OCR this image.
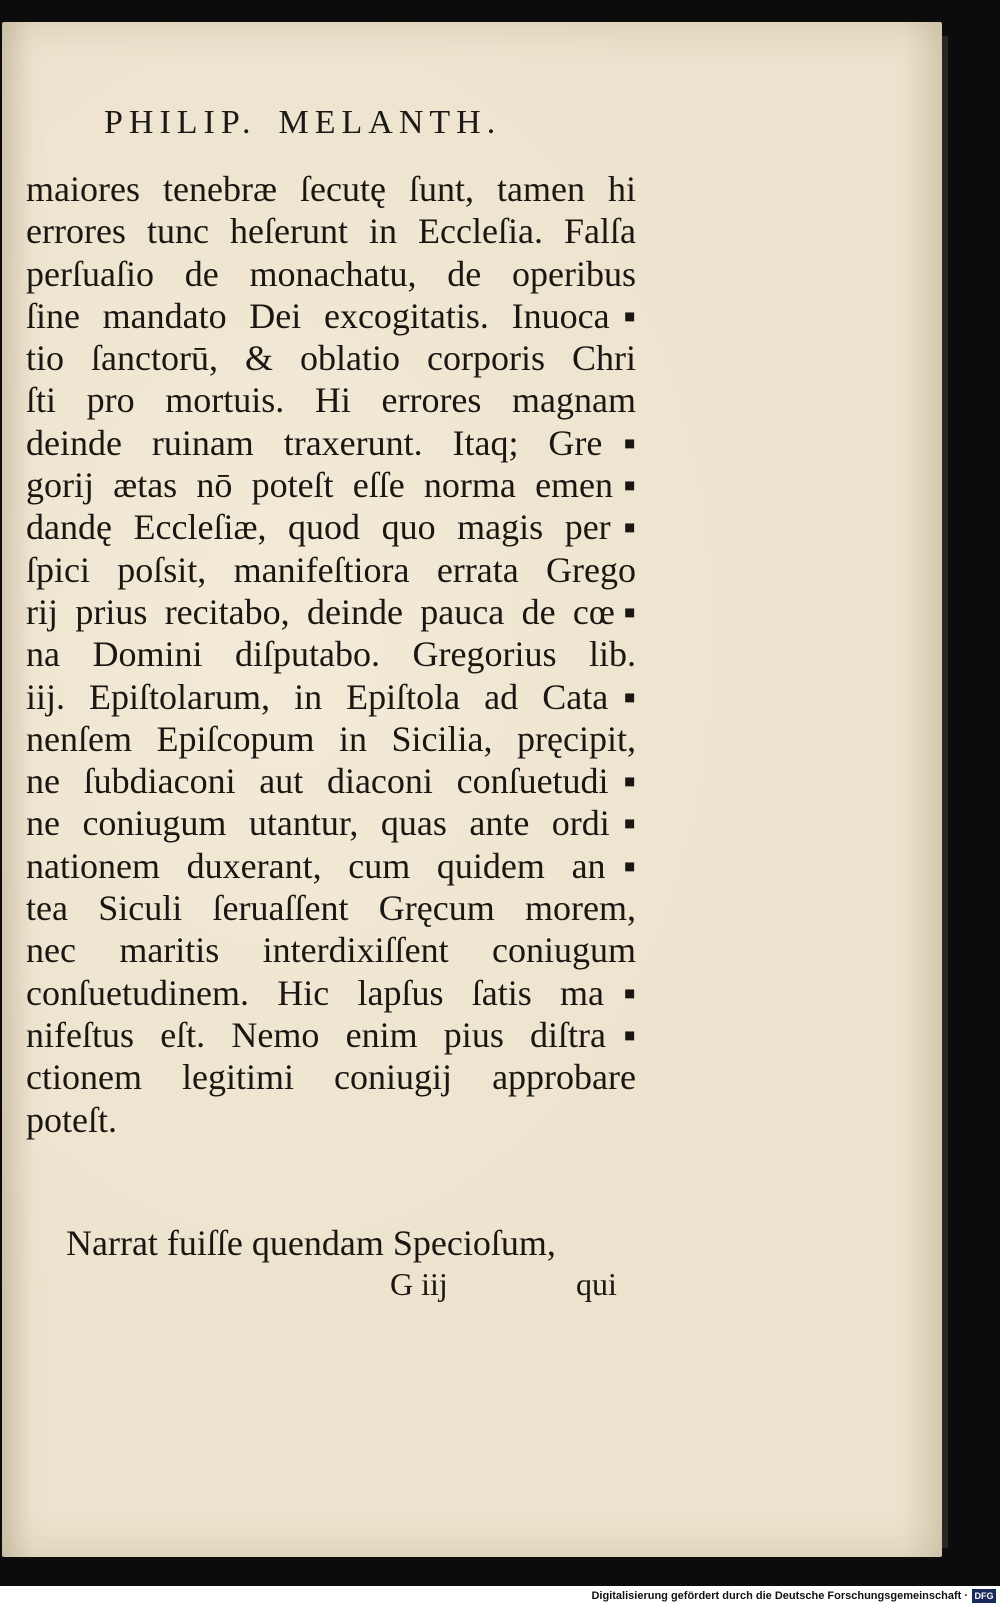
PHILIP. MELANTH.
maiores tenebræ ſecutę ſunt, tamen hi
errores tunc heſerunt in Eccleſia. Falſa
perſuaſio de monachatu, de operibus
ſine mandato Dei excogitatis. Inuoca▪
tio ſanctorū, & oblatio corporis Chri
ſti pro mortuis. Hi errores magnam
deinde ruinam traxerunt. Itaq; Gre▪
gorij ætas nō poteſt eſſe norma emen▪
dandę Eccleſiæ, quod quo magis per▪
ſpici poſsit, manifeſtiora errata Grego
rij prius recitabo, deinde pauca de cœ▪
na Domini diſputabo. Gregorius lib.
iij. Epiſtolarum, in Epiſtola ad Cata▪
nenſem Epiſcopum in Sicilia, pręcipit,
ne ſubdiaconi aut diaconi conſuetudi▪
ne coniugum utantur, quas ante ordi▪
nationem duxerant, cum quidem an▪
tea Siculi ſeruaſſent Gręcum morem,
nec maritis interdixiſſent coniugum
conſuetudinem. Hic lapſus ſatis ma▪
nifeſtus eſt. Nemo enim pius diſtra▪
ctionem legitimi coniugij approbare
poteſt.
Narrat fuiſſe quendam Specioſum,
G iij	qui
Digitalisierung gefördert durch die Deutsche Forschungsgemeinschaft · DFG
